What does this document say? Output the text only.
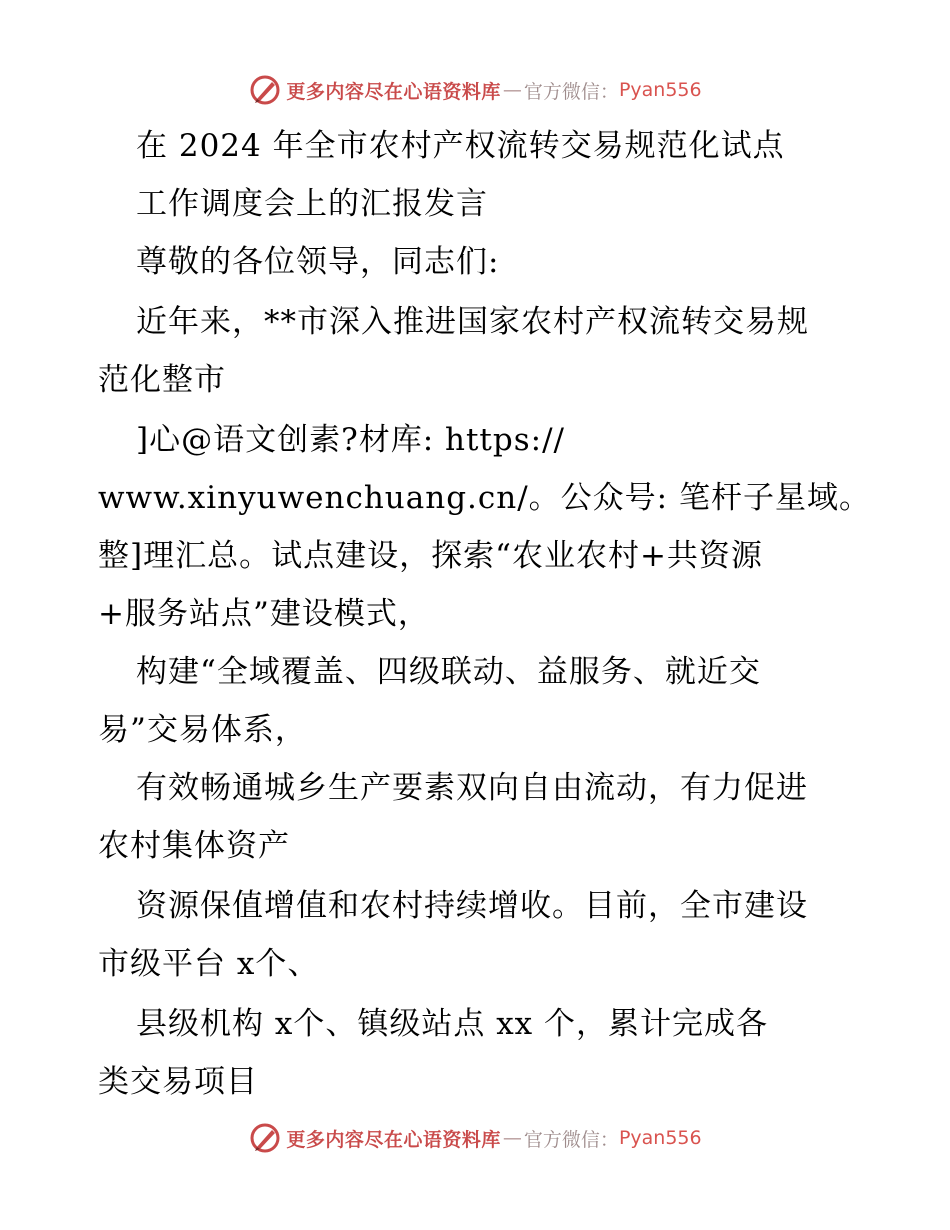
更多内容尽在心语资料库 — 官方微信： Pyan556
在 2024 年全市农村产权流转交易规范化试点
工作调度会上的汇报发言
尊敬的各位领导，同志们:
近年来，**市深入推进国家农村产权流转交易规
范化整市
]心@语文创素?材库: https://
www.xinyuwenchuang.cn/。公众号: 笔杆子星域。
整]理汇总。试点建设，探索“农业农村+共资源
+服务站点”建设模式，
构建“全域覆盖、四级联动、益服务、就近交
易”交易体系，
有效畅通城乡生产要素双向自由流动，有力促进
农村集体资产
资源保值增值和农村持续增收。目前，全市建设
市级平台 x个、
县级机构 x个、镇级站点 xx 个，累计完成各
类交易项目
更多内容尽在心语资料库 — 官方微信： Pyan556
